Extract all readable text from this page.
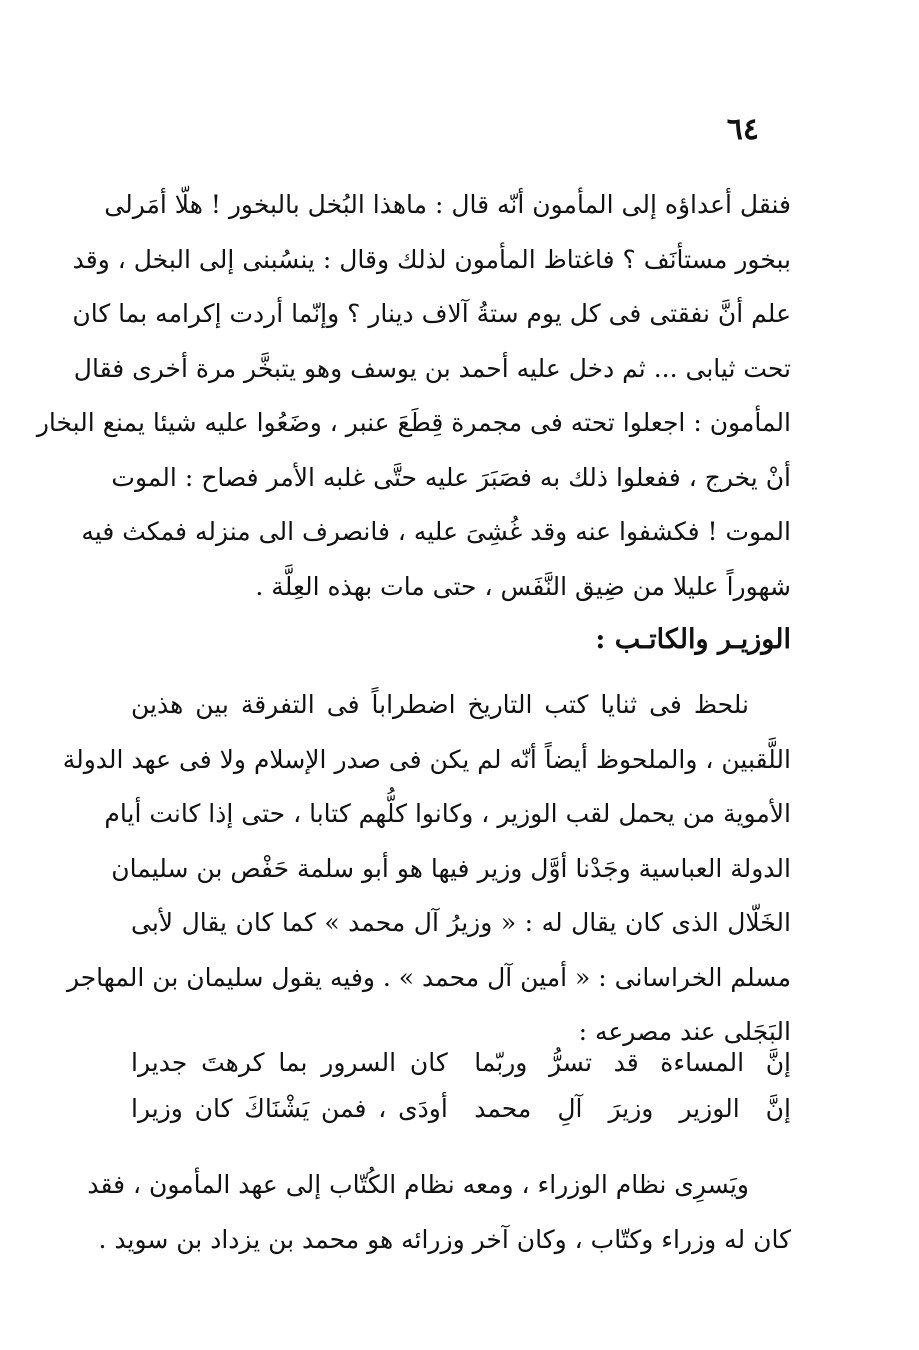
٦٤
فنقل أعداؤه إلى المأمون أنّه قال : ماهذا البُخل بالبخور ! هلّا أمَرلى
ببخور مستأنَف ؟ فاغتاظ المأمون لذلك وقال : ينسُبنى إلى البخل ، وقد
علم أنَّ نفقتى فى كل يوم ستةُ آلاف دينار ؟ وإنّما أردت إكرامه بما كان
تحت ثيابى ... ثم دخل عليه أحمد بن يوسف وهو يتبخَّر مرة أخرى فقال
المأمون : اجعلوا تحته فى مجمرة قِطَعَ عنبر ، وضَعُوا عليه شيئا يمنع البخار
أنْ يخرج ، ففعلوا ذلك به فصَبَرَ عليه حتَّى غلبه الأمر فصاح : الموت
الموت ! فكشفوا عنه وقد غُشِىَ عليه ، فانصرف الى منزله فمكث فيه
شهوراً عليلا من ضِيق النَّفَس ، حتى مات بهذه العِلَّة .
الوزيـر والكاتـب :
نلحظ فى ثنايا كتب التاريخ اضطراباً فى التفرقة بين هذين
اللَّقبين ، والملحوظ أيضاً أنّه لم يكن فى صدر الإسلام ولا فى عهد الدولة
الأموية من يحمل لقب الوزير ، وكانوا كلُّهم كتابا ، حتى إذا كانت أيام
الدولة العباسية وجَدْنا أوَّل وزير فيها هو أبو سلمة حَفْص بن سليمان
الخَلّال الذى كان يقال له : « وزيرُ آل محمد » كما كان يقال لأبى
مسلم الخراسانى : « أمين آل محمد » . وفيه يقول سليمان بن المهاجر
البَجَلى عند مصرعه :
إنَّ المساءة قد تسرُّ وربّما
كان السرور بما كرهتَ جديرا
إنَّ الوزير وزيرَ آلِ محمد
أودَى ، فمن يَشْنَاكَ كان وزيرا
ويَسرِى نظام الوزراء ، ومعه نظام الكُتّاب إلى عهد المأمون ، فقد
كان له وزراء وكتّاب ، وكان آخر وزرائه هو محمد بن يزداد بن سويد .
